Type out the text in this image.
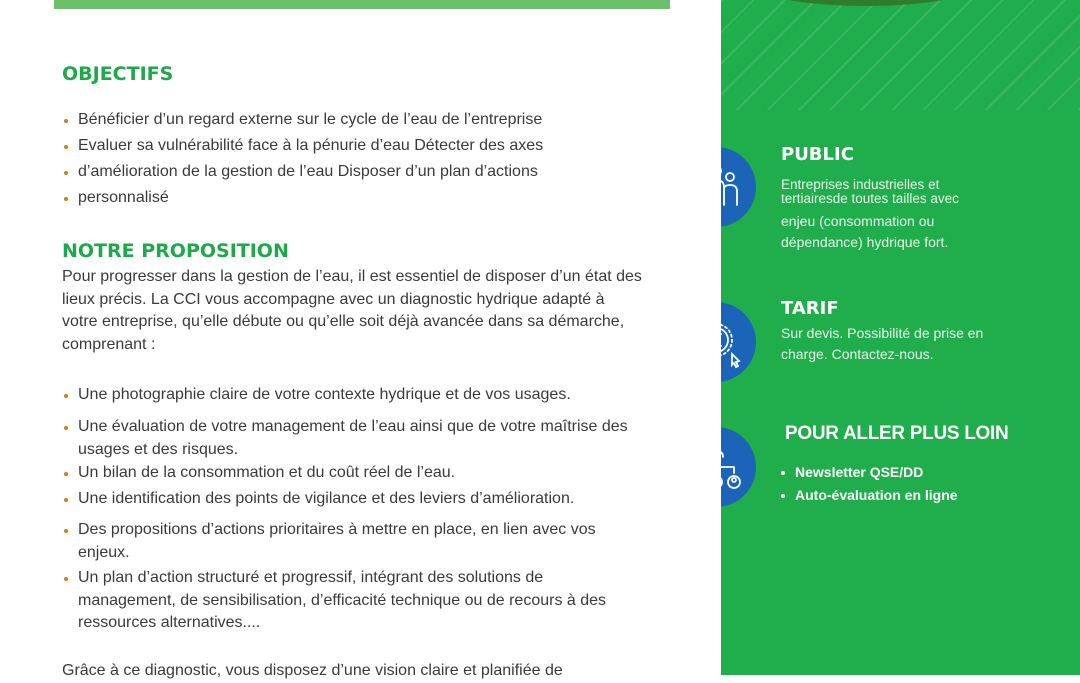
OBJECTIFS
Bénéficier d’un regard externe sur le cycle de l’eau de l’entreprise
Evaluer sa vulnérabilité face à la pénurie d’eau Détecter des axes
d’amélioration de la gestion de l’eau Disposer d’un plan d’actions
personnalisé
NOTRE PROPOSITION
Pour progresser dans la gestion de l’eau, il est essentiel de disposer d’un état des lieux précis. La CCI vous accompagne avec un diagnostic hydrique adapté à votre entreprise, qu’elle débute ou qu’elle soit déjà avancée dans sa démarche, comprenant :
Une photographie claire de votre contexte hydrique et de vos usages.
Une évaluation de votre management de l’eau ainsi que de votre maîtrise des usages et des risques.
Un bilan de la consommation et du coût réel de l’eau.
Une identification des points de vigilance et des leviers d’amélioration.
Des propositions d’actions prioritaires à mettre en place, en lien avec vos enjeux.
Un plan d’action structuré et progressif, intégrant des solutions de management, de sensibilisation, d’efficacité technique ou de recours à des ressources alternatives....
Grâce à ce diagnostic, vous disposez d’une vision claire et planifiée de
PUBLIC
Entreprises industrielles et
tertiairesde toutes tailles avec
enjeu (consommation ou dépendance) hydrique fort.
TARIF
Sur devis. Possibilité de prise en charge. Contactez-nous.
POUR ALLER PLUS LOIN
Newsletter QSE/DD
Auto-évaluation en ligne
